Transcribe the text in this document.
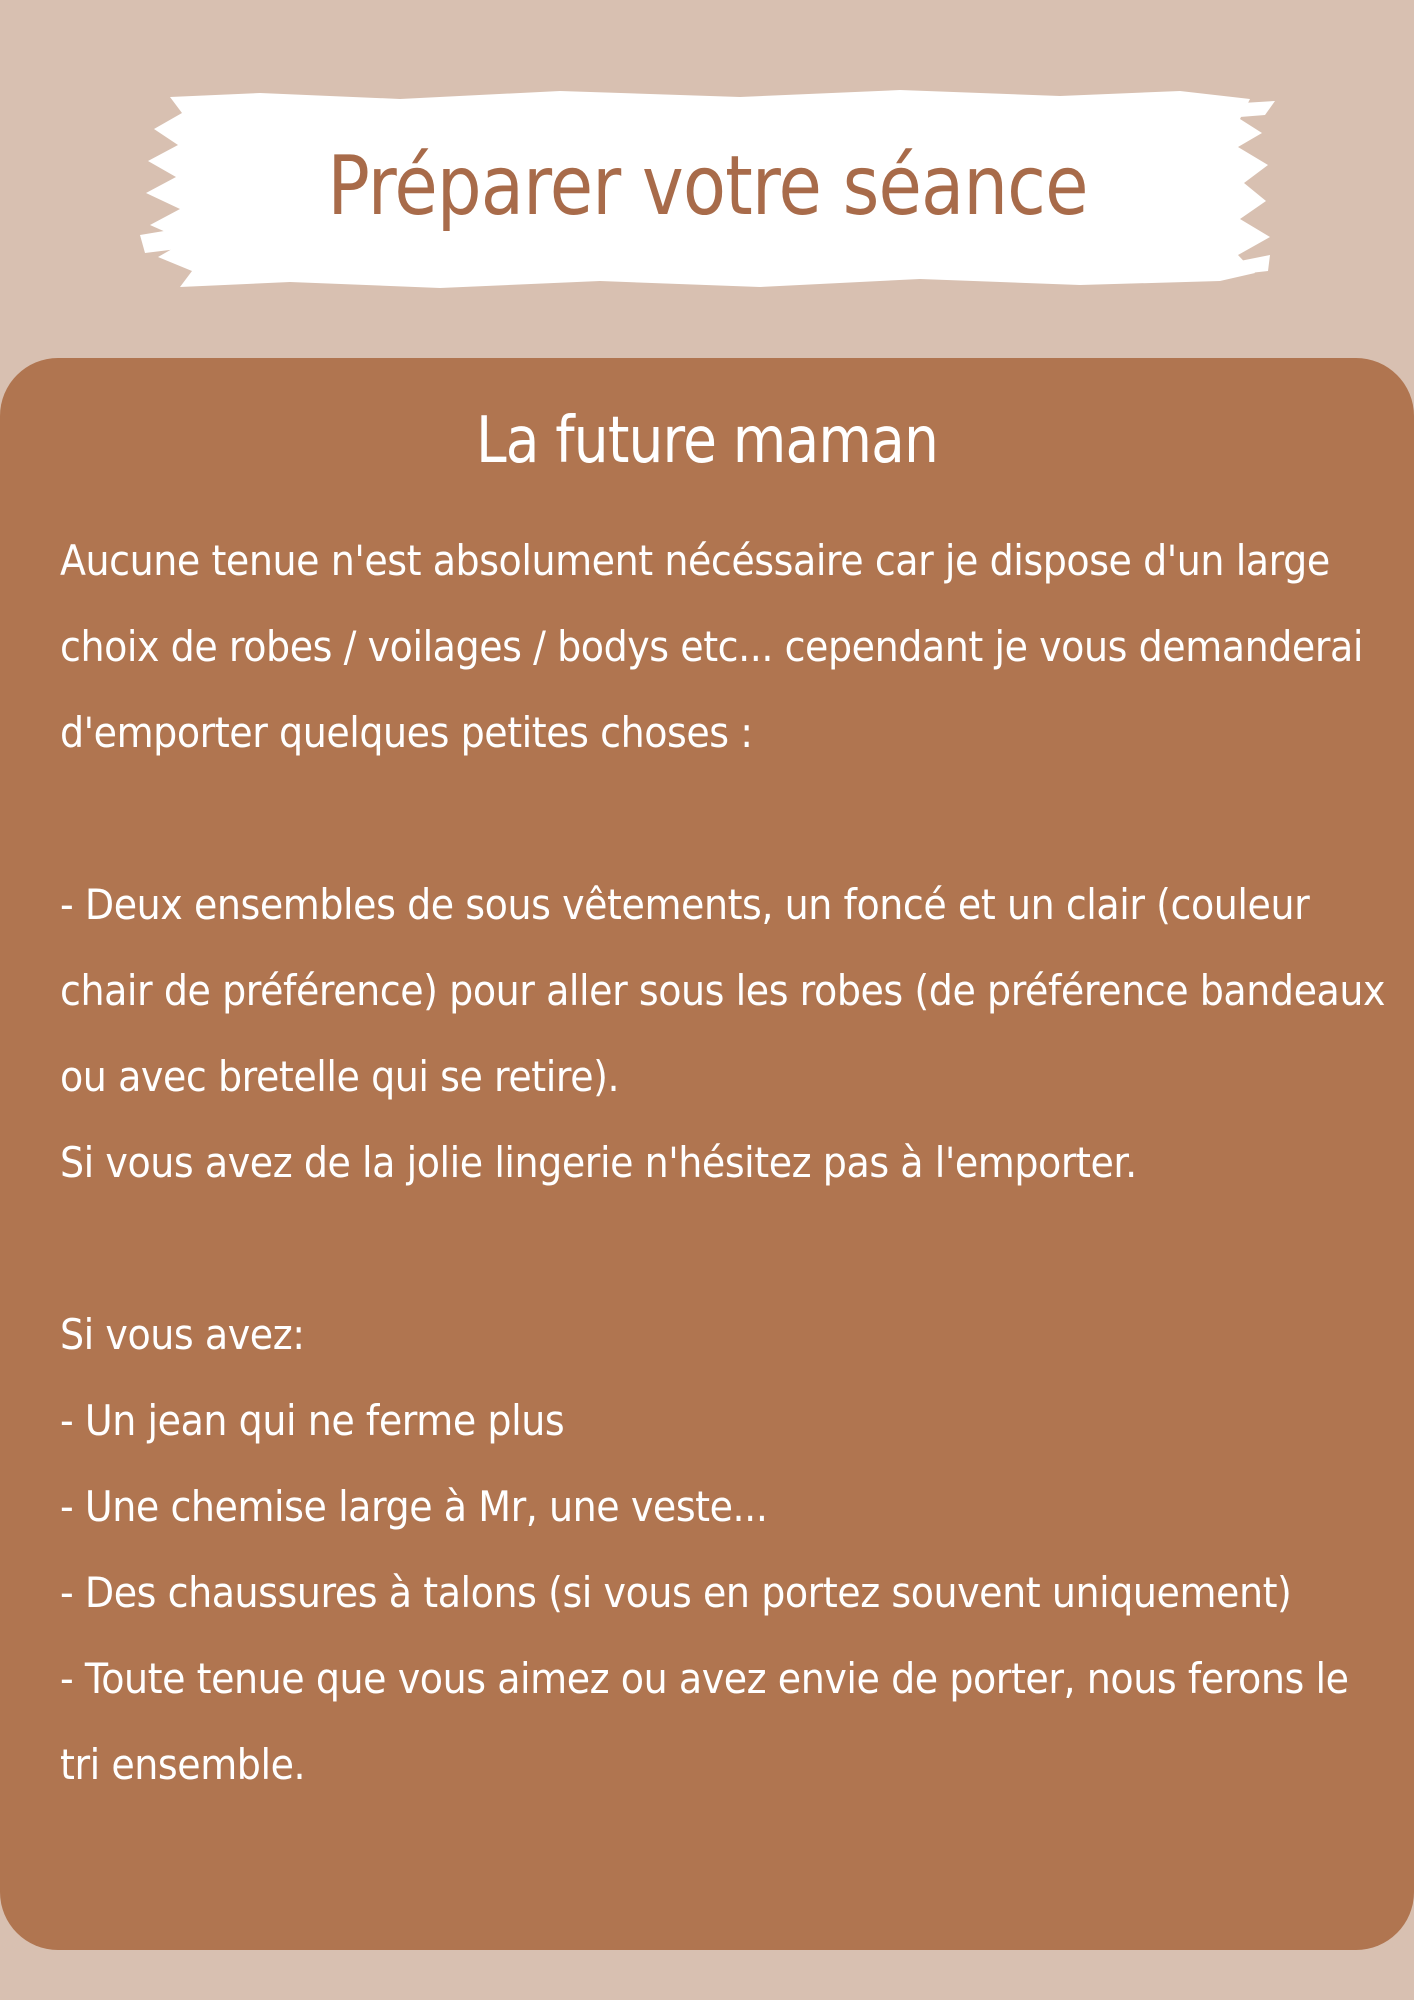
Préparer votre séance
La future maman
Aucune tenue n'est absolument nécéssaire car je dispose d'un large
choix de robes / voilages / bodys etc... cependant je vous demanderai
d'emporter quelques petites choses :
- Deux ensembles de sous vêtements, un foncé et un clair (couleur
chair de préférence) pour aller sous les robes (de préférence bandeaux
ou avec bretelle qui se retire).
Si vous avez de la jolie lingerie n'hésitez pas à l'emporter.
Si vous avez:
- Un jean qui ne ferme plus
- Une chemise large à Mr, une veste...
- Des chaussures à talons (si vous en portez souvent uniquement)
- Toute tenue que vous aimez ou avez envie de porter, nous ferons le
tri ensemble.
